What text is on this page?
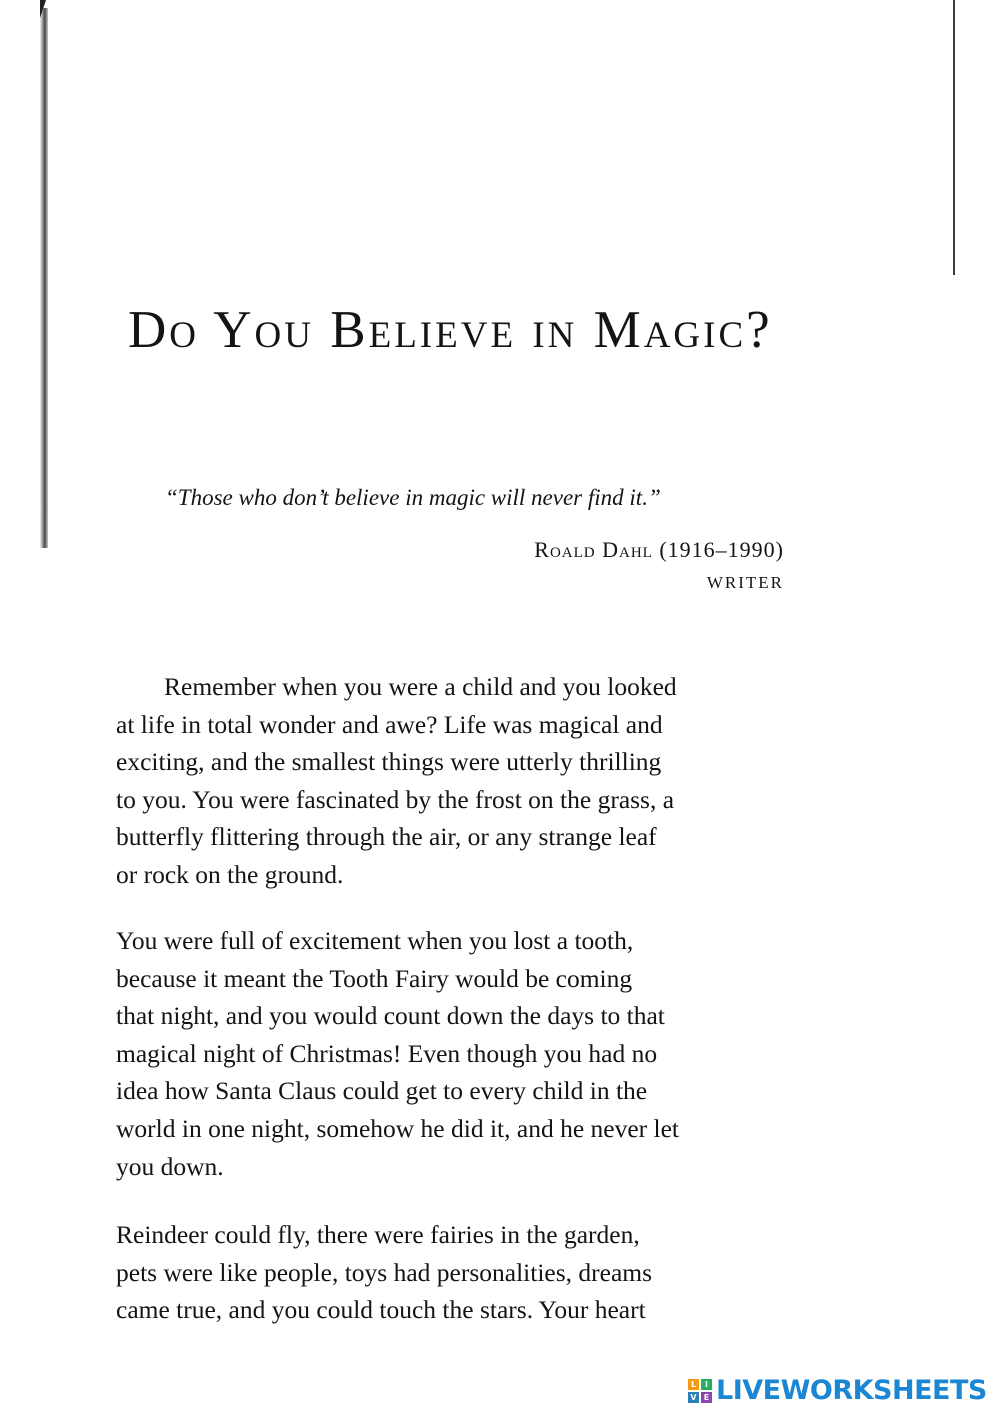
Do You Believe in Magic?

“Those who don’t believe in magic will never find it.”

Roald Dahl (1916–1990)
WRITER

Remember when you were a child and you looked
at life in total wonder and awe? Life was magical and
exciting, and the smallest things were utterly thrilling
to you. You were fascinated by the frost on the grass, a
butterfly flittering through the air, or any strange leaf
or rock on the ground.

You were full of excitement when you lost a tooth,
because it meant the Tooth Fairy would be coming
that night, and you would count down the days to that
magical night of Christmas! Even though you had no
idea how Santa Claus could get to every child in the
world in one night, somehow he did it, and he never let
you down.

Reindeer could fly, there were fairies in the garden,
pets were like people, toys had personalities, dreams
came true, and you could touch the stars. Your heart

L	I
V E LIVEWORKSHEETS
